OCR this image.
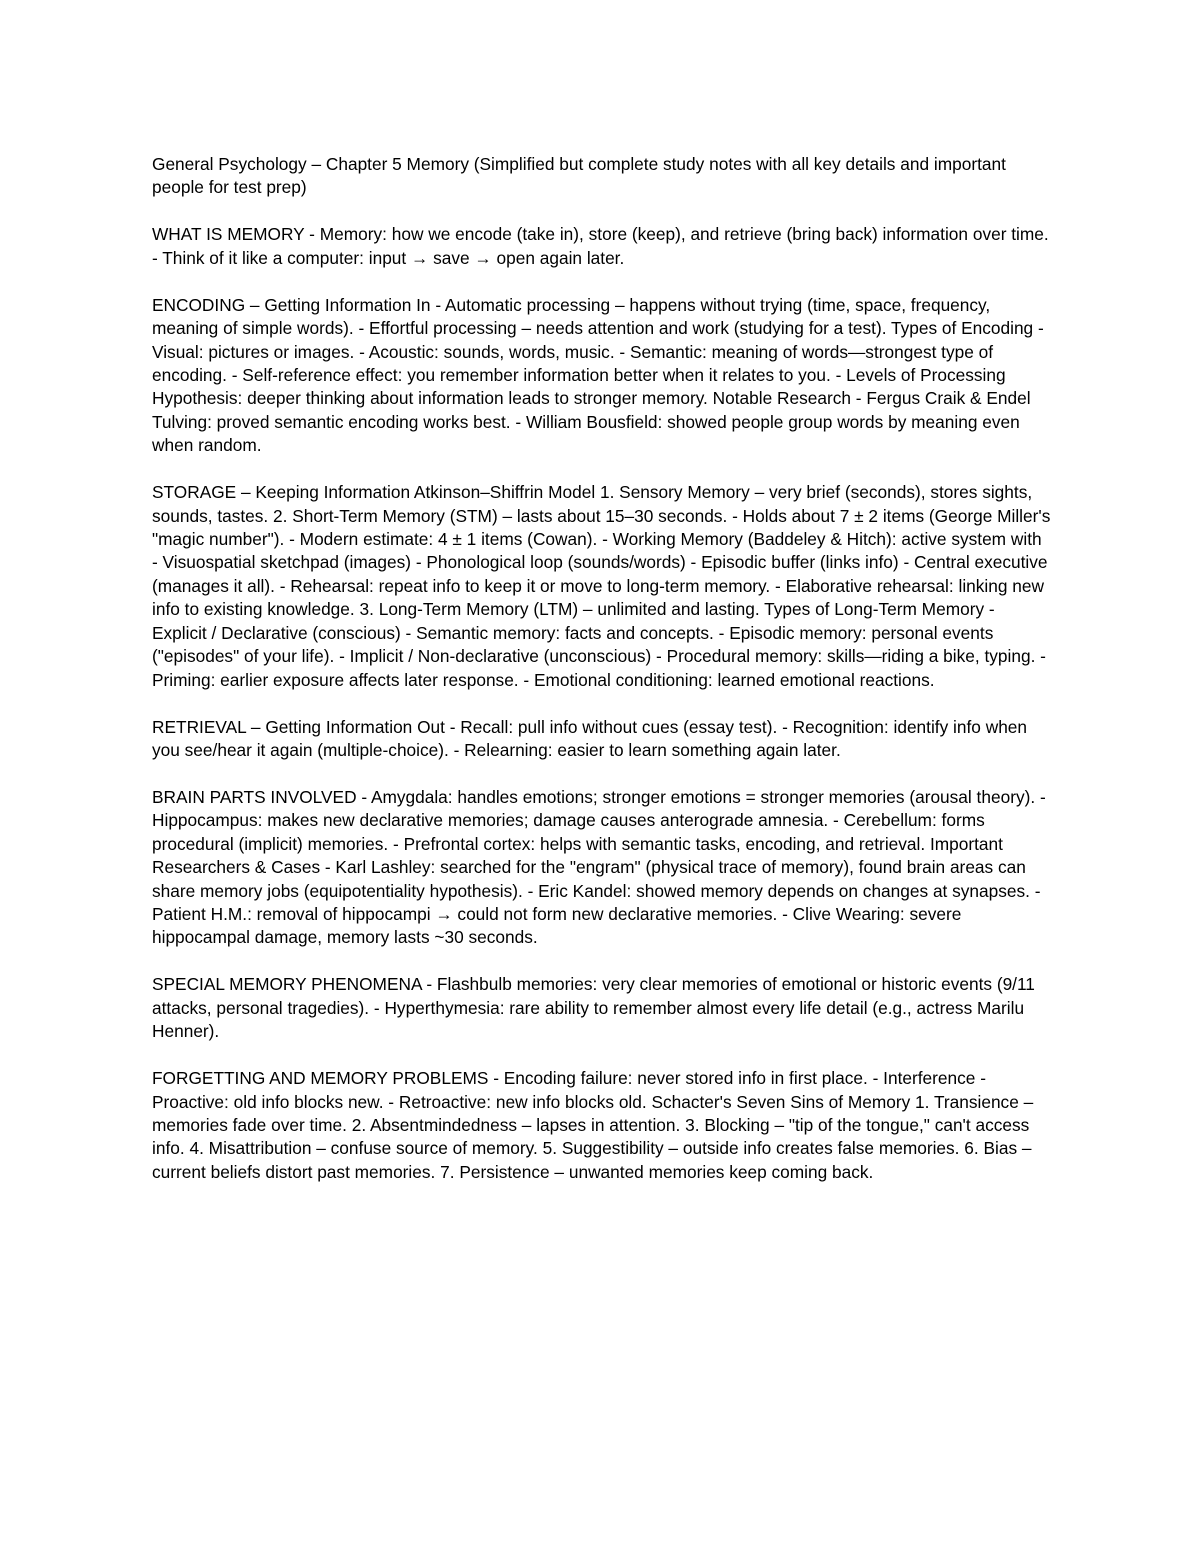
General Psychology – Chapter 5 Memory (Simplified but complete study notes with all key details and important people for test prep)

WHAT IS MEMORY - Memory: how we encode (take in), store (keep), and retrieve (bring back) information over time. - Think of it like a computer: input → save → open again later.

ENCODING – Getting Information In - Automatic processing – happens without trying (time, space, frequency, meaning of simple words). - Effortful processing – needs attention and work (studying for a test). Types of Encoding - Visual: pictures or images. - Acoustic: sounds, words, music. - Semantic: meaning of words—strongest type of encoding. - Self-reference effect: you remember information better when it relates to you. - Levels of Processing Hypothesis: deeper thinking about information leads to stronger memory. Notable Research - Fergus Craik & Endel Tulving: proved semantic encoding works best. - William Bousfield: showed people group words by meaning even when random.

STORAGE – Keeping Information Atkinson–Shiffrin Model 1. Sensory Memory – very brief (seconds), stores sights, sounds, tastes. 2. Short-Term Memory (STM) – lasts about 15–30 seconds. - Holds about 7 ± 2 items (George Miller's "magic number"). - Modern estimate: 4 ± 1 items (Cowan). - Working Memory (Baddeley & Hitch): active system with - Visuospatial sketchpad (images) - Phonological loop (sounds/words) - Episodic buffer (links info) - Central executive (manages it all). - Rehearsal: repeat info to keep it or move to long-term memory. - Elaborative rehearsal: linking new info to existing knowledge. 3. Long-Term Memory (LTM) – unlimited and lasting. Types of Long-Term Memory - Explicit / Declarative (conscious) - Semantic memory: facts and concepts. - Episodic memory: personal events ("episodes" of your life). - Implicit / Non-declarative (unconscious) - Procedural memory: skills—riding a bike, typing. - Priming: earlier exposure affects later response. - Emotional conditioning: learned emotional reactions.

RETRIEVAL – Getting Information Out - Recall: pull info without cues (essay test). - Recognition: identify info when you see/hear it again (multiple-choice). - Relearning: easier to learn something again later.

BRAIN PARTS INVOLVED - Amygdala: handles emotions; stronger emotions = stronger memories (arousal theory). - Hippocampus: makes new declarative memories; damage causes anterograde amnesia. - Cerebellum: forms procedural (implicit) memories. - Prefrontal cortex: helps with semantic tasks, encoding, and retrieval. Important Researchers & Cases - Karl Lashley: searched for the "engram" (physical trace of memory), found brain areas can share memory jobs (equipotentiality hypothesis). - Eric Kandel: showed memory depends on changes at synapses. - Patient H.M.: removal of hippocampi → could not form new declarative memories. - Clive Wearing: severe hippocampal damage, memory lasts ~30 seconds.

SPECIAL MEMORY PHENOMENA - Flashbulb memories: very clear memories of emotional or historic events (9/11 attacks, personal tragedies). - Hyperthymesia: rare ability to remember almost every life detail (e.g., actress Marilu Henner).

FORGETTING AND MEMORY PROBLEMS - Encoding failure: never stored info in first place. - Interference - Proactive: old info blocks new. - Retroactive: new info blocks old. Schacter's Seven Sins of Memory 1. Transience – memories fade over time. 2. Absentmindedness – lapses in attention. 3. Blocking – "tip of the tongue," can't access info. 4. Misattribution – confuse source of memory. 5. Suggestibility – outside info creates false memories. 6. Bias – current beliefs distort past memories. 7. Persistence – unwanted memories keep coming back.
